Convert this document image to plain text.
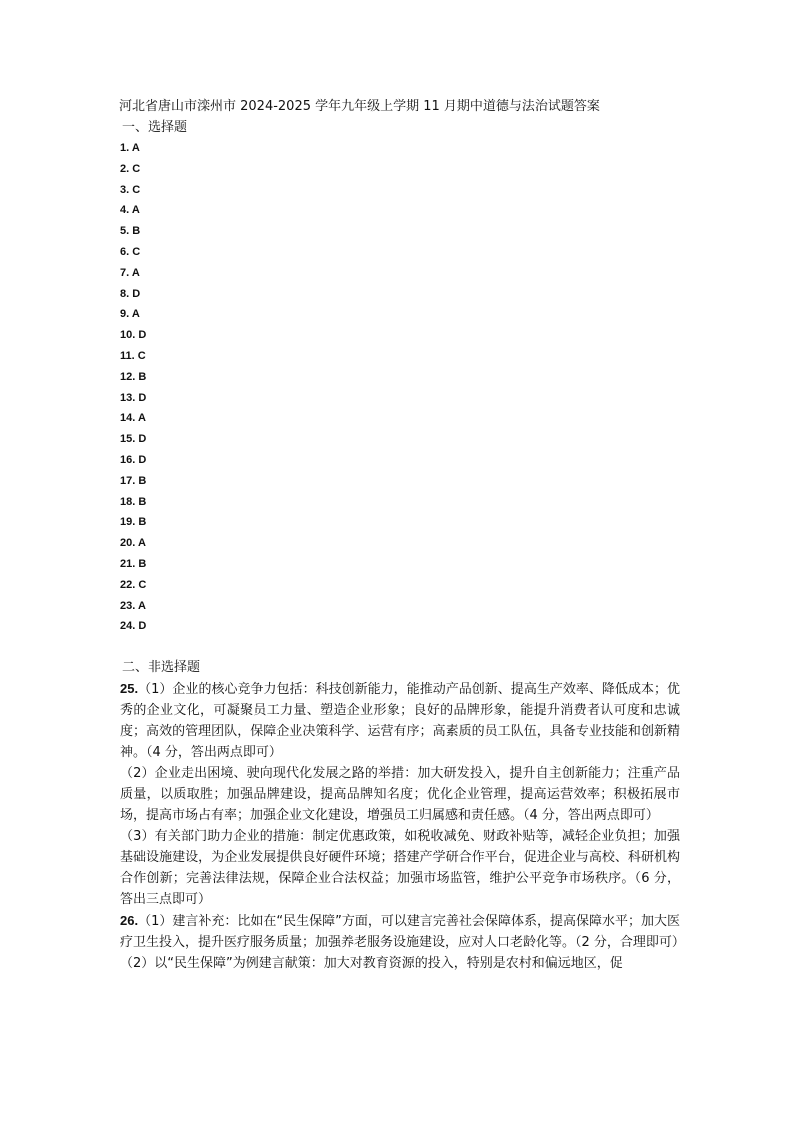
河北省唐山市滦州市 2024-2025 学年九年级上学期 11 月期中道德与法治试题答案
一、选择题
1. A
2. C
3. C
4. A
5. B
6. C
7. A
8. D
9. A
10. D
11. C
12. B
13. D
14. A
15. D
16. D
17. B
18. B
19. B
20. A
21. B
22. C
23. A
24. D
二、非选择题

25.（1）企业的核心竞争力包括：科技创新能力，能推动产品创新、提高生产效率、降低成本；优秀的企业文化，可凝聚员工力量、塑造企业形象；良好的品牌形象，能提升消费者认可度和忠诚度；高效的管理团队，保障企业决策科学、运营有序；高素质的员工队伍，具备专业技能和创新精神。（4 分，答出两点即可）

（2）企业走出困境、驶向现代化发展之路的举措：加大研发投入，提升自主创新能力；注重产品质量，以质取胜；加强品牌建设，提高品牌知名度；优化企业管理，提高运营效率；积极拓展市场，提高市场占有率；加强企业文化建设，增强员工归属感和责任感。（4 分，答出两点即可）

（3）有关部门助力企业的措施：制定优惠政策，如税收减免、财政补贴等，减轻企业负担；加强基础设施建设，为企业发展提供良好硬件环境；搭建产学研合作平台，促进企业与高校、科研机构合作创新；完善法律法规，保障企业合法权益；加强市场监管，维护公平竞争市场秩序。（6 分，答出三点即可）

26.（1）建言补充：比如在“民生保障”方面，可以建言完善社会保障体系，提高保障水平；加大医疗卫生投入，提升医疗服务质量；加强养老服务设施建设，应对人口老龄化等。（2 分，合理即可）

（2）以“民生保障”为例建言献策：加大对教育资源的投入，特别是农村和偏远地区，促
